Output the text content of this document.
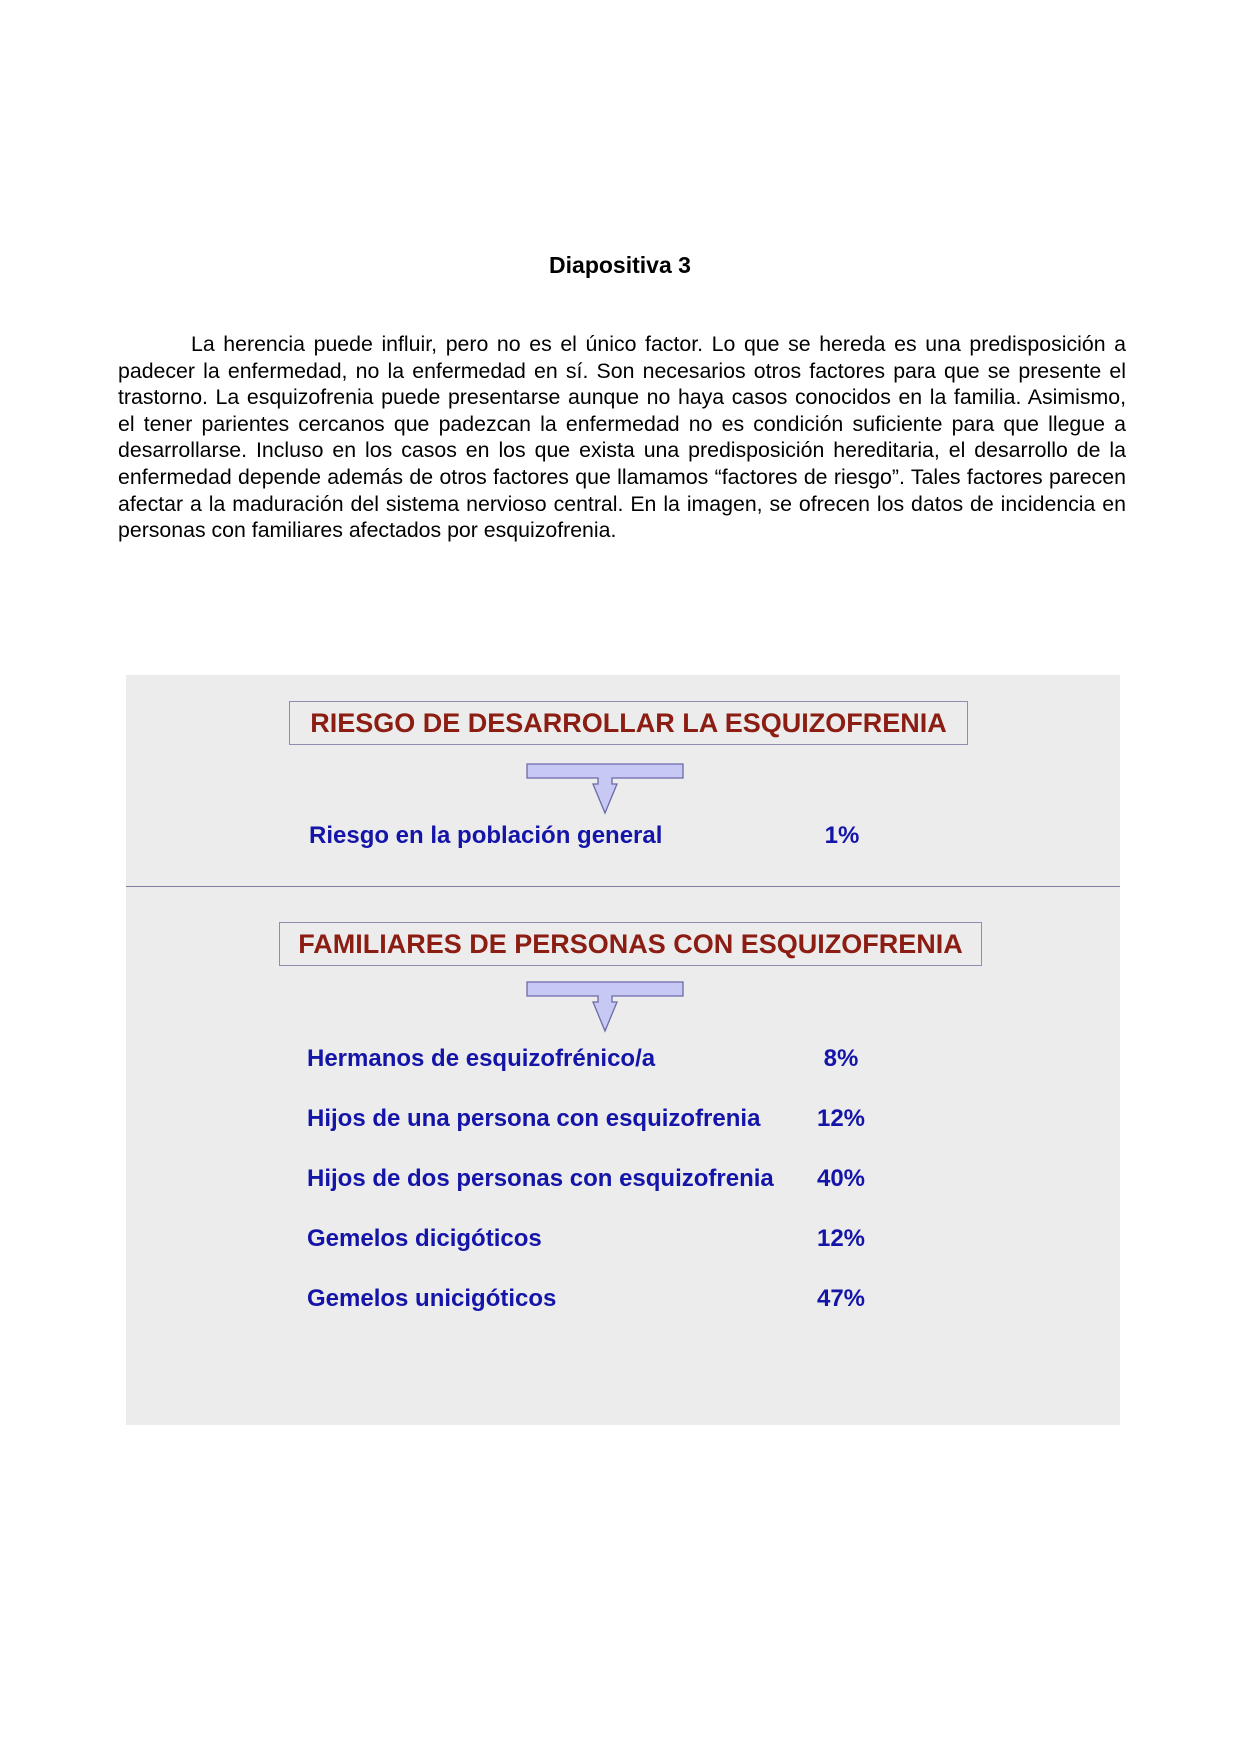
Diapositiva 3

La herencia puede influir, pero no es el único factor. Lo que se hereda es una predisposición a padecer la enfermedad, no la enfermedad en sí. Son necesarios otros factores para que se presente el trastorno. La esquizofrenia puede presentarse aunque no haya casos conocidos en la familia. Asimismo, el tener parientes cercanos que padezcan la enfermedad no es condición suficiente para que llegue a desarrollarse. Incluso en los casos en los que exista una predisposición hereditaria, el desarrollo de la enfermedad depende además de otros factores que llamamos “factores de riesgo”. Tales factores parecen afectar a la maduración del sistema nervioso central. En la imagen, se ofrecen los datos de incidencia en personas con familiares afectados por esquizofrenia.

RIESGO DE DESARROLLAR LA ESQUIZOFRENIA
Riesgo en la población general	1%
FAMILIARES DE PERSONAS CON ESQUIZOFRENIA
Hermanos de esquizofrénico/a	8%
Hijos de una persona con esquizofrenia	12%
Hijos de dos personas con esquizofrenia	40%
Gemelos dicigóticos	12%
Gemelos unicigóticos	47%
